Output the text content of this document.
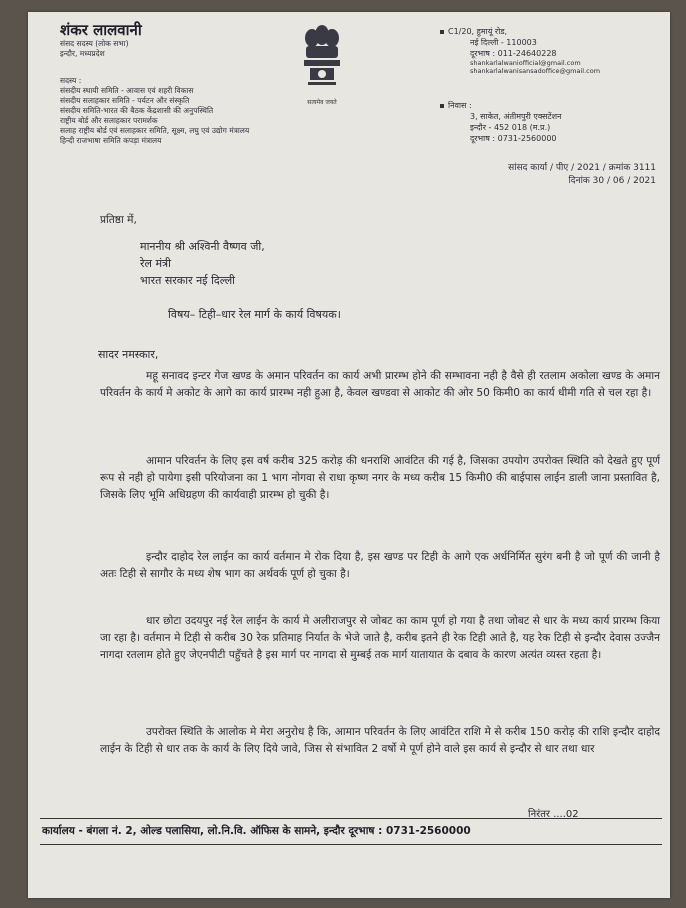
शंकर लालवानी
संसद सदस्य (लोक सभा)
इन्दौर, मध्यप्रदेश
सदस्य :
संसदीय स्थायी समिति - आवास एवं शहरी विकास
संसदीय सलाहकार समिति - पर्यटन और संस्कृति
संसदीय समिति-भारत की बैठक केंद्रशासी की अनुपस्थिति
राष्ट्रीय बोर्ड और सलाहकार परामर्शक
सलाह राष्ट्रीय बोर्ड एवं सलाहकार समिति, सूक्ष्म, लघु एवं उद्योग मंत्रालय
हिन्दी राजभाषा समिति कपड़ा मंत्रालय
सत्यमेव जयते
C1/20, हुमायूं रोड,
नई दिल्ली - 110003
दूरभाष : 011-24640228
shankarlalwaniofficial@gmail.com
shankarlalwanisansadoffice@gmail.com
निवास :
3, साकेत, अंतीमपुरी एक्सटेंशन
इन्दौर - 452 018 (म.प्र.)
दूरभाष : 0731-2560000
सांसद कार्या / पीए / 2021 / क्रमांक 3111
दिनांक 30 / 06 / 2021
प्रतिष्ठा में,
माननीय श्री अश्विनी वैष्णव जी,
रेल मंत्री
भारत सरकार नई दिल्ली
विषय– टिही–धार रेल मार्ग के कार्य विषयक।
सादर नमस्कार,
महू सनावद इन्टर गेज खण्ड के अमान परिवर्तन का कार्य अभी प्रारम्भ होने की सम्भावना नही है वैसे ही रतलाम अकोला खण्ड के अमान परिवर्तन के कार्य मे अकोट के आगे का कार्य प्रारम्भ नही हुआ है, केवल खण्डवा से आकोट की ओर 50 किमी0 का कार्य धीमी गति से चल रहा है।
आमान परिवर्तन के लिए इस वर्ष करीब 325 करोड़ की धनराशि आवंटित की गई है, जिसका उपयोग उपरोक्त स्थिति को देखते हुए पूर्ण रूप से नही हो पायेगा इसी परियोजना का 1 भाग नोगवा से राधा कृष्ण नगर के मध्य करीब 15 किमी0 की बाईपास लाईन डाली जाना प्रस्तावित है, जिसके लिए भूमि अधिग्रहण की कार्यवाही प्रारम्भ हो चुकी है।
इन्दौर दाहोद रेल लाईन का कार्य वर्तमान मे रोक दिया है, इस खण्ड पर टिही के आगे एक अर्धनिर्मित सुरंग बनी है जो पूर्ण की जानी है अतः टिही से सागौर के मध्य शेष भाग का अर्थवर्क पूर्ण हो चुका है।
धार छोटा उदयपुर नई रेल लाईन के कार्य मे अलीराजपुर से जोबट का काम पूर्ण हो गया है तथा जोबट से धार के मध्य कार्य प्रारम्भ किया जा रहा है। वर्तमान मे टिही से करीब 30 रेक प्रतिमाह निर्यात के भेजे जाते है, करीब इतने ही रेक टिही आते है, यह रेक टिही से इन्दौर देवास उज्जैन नागदा रतलाम होते हुए जेएनपीटी पहुँचते है इस मार्ग पर नागदा से मुम्बई तक मार्ग यातायात के दबाव के कारण अत्यंत व्यस्त रहता है।
उपरोक्त स्थिति के आलोक मे मेरा अनुरोध है कि, आमान परिवर्तन के लिए आवंटित राशि मे से करीब 150 करोड़ की राशि इन्दौर दाहोद लाईन के टिही से धार तक के कार्य के लिए दिये जावे, जिस से संभावित 2 वर्षो मे पूर्ण होने वाले इस कार्य से इन्दौर से धार तथा धार
निरंतर ....02
कार्यालय - बंगला नं. 2, ओल्ड पलासिया, लो.नि.वि. ऑफिस के सामने, इन्दौर दूरभाष : 0731-2560000
